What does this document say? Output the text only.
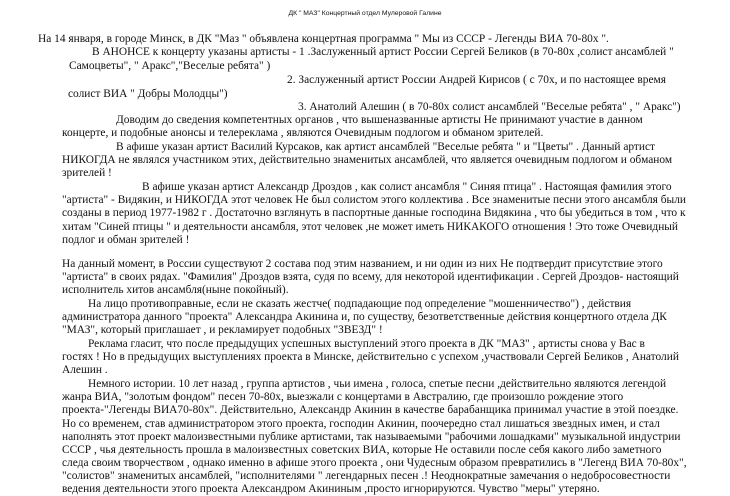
ДК " МАЗ" Концертный отдел Мулеровой Галине
На 14 января, в городе Минск, в ДК "Маз " объявлена концертная программа " Мы из СССР - Легенды ВИА 70-80х ".
В АНОНСЕ к концерту указаны артисты - 1 .Заслуженный артист России Сергей Беликов (в 70-80х ,солист ансамблей "
Самоцветы", " Аракс","Веселые ребята" )
2. Заслуженный артист России Андрей Кирисов ( с 70х, и по настоящее время
солист ВИА " Добры Молодцы")
3. Анатолий Алешин ( в 70-80х солист ансамблей "Веселые ребята" , " Аракс")
Доводим до сведения компетентных органов , что вышеназванные артисты Не принимают участие в данном
концерте, и подобные анонсы и телереклама , являются Очевидным подлогом и обманом зрителей.
В афише указан артист Василий Курсаков, как артист ансамблей "Веселые ребята " и "Цветы" . Данный артист
НИКОГДА не являлся участником этих, действительно знаменитых ансамблей, что является очевидным подлогом и обманом
зрителей !
В афише указан артист Александр Дроздов , как солист ансамбля " Синяя птица" . Настоящая фамилия этого
"артиста" - Видякин, и НИКОГДА этот человек Не был солистом этого коллектива . Все знаменитые песни этого ансамбля были
созданы в период 1977-1982 г . Достаточно взглянуть в паспортные данные господина Видякина , что бы убедиться в том , что к
хитам "Синей птицы " и деятельности ансамбля, этот человек ,не может иметь НИКАКОГО отношения ! Это тоже Очевидный
подлог и обман зрителей !
На данный момент, в России существуют 2 состава под этим названием, и ни один из них Не подтвердит присутствие этого
"артиста" в своих рядах. "Фамилия" Дроздов взята, судя по всему, для некоторой идентификации . Сергей Дроздов- настоящий
исполнитель хитов ансамбля(ныне покойный).
На лицо противоправные, если не сказать жестче( подпадающие под определение "мошенничество") , действия
администратора данного "проекта" Александра Акинина и, по существу, безответственные действия концертного отдела ДК
"МАЗ", который приглашает , и рекламирует подобных "ЗВЕЗД" !
Реклама гласит, что после предыдущих успешных выступлений этого проекта в ДК "МАЗ" , артисты снова у Вас в
гостях ! Но в предыдущих выступлениях проекта в Минске, действительно с успехом ,участвовали Сергей Беликов , Анатолий
Алешин .
Немного истории. 10 лет назад , группа артистов , чьи имена , голоса, спетые песни ,действительно являются легендой
жанра ВИА, "золотым фондом" песен 70-80х, выезжали с концертами в Австралию, где произошло рождение этого
проекта-"Легенды ВИА70-80х". Действительно, Александр Акинин в качестве барабанщика принимал участие в этой поездке.
Но со временем, став администратором этого проекта, господин Акинин, поочередно стал лишаться звездных имен, и стал
наполнять этот проект малоизвестными публике артистами, так называемыми "рабочими лошадками" музыкальной индустрии
СССР , чья деятельность прошла в малоизвестных советских ВИА, которые Не оставили после себя какого либо заметного
следа своим творчеством , однако именно в афише этого проекта , они Чудесным образом превратились в "Легенд ВИА 70-80х",
"солистов" знаменитых ансамблей, "исполнителями " легендарных песен .! Неоднократные замечания о недобросовестности
ведения деятельности этого проекта Александром Акининым ,просто игнорируются. Чувство "меры" утеряно.
